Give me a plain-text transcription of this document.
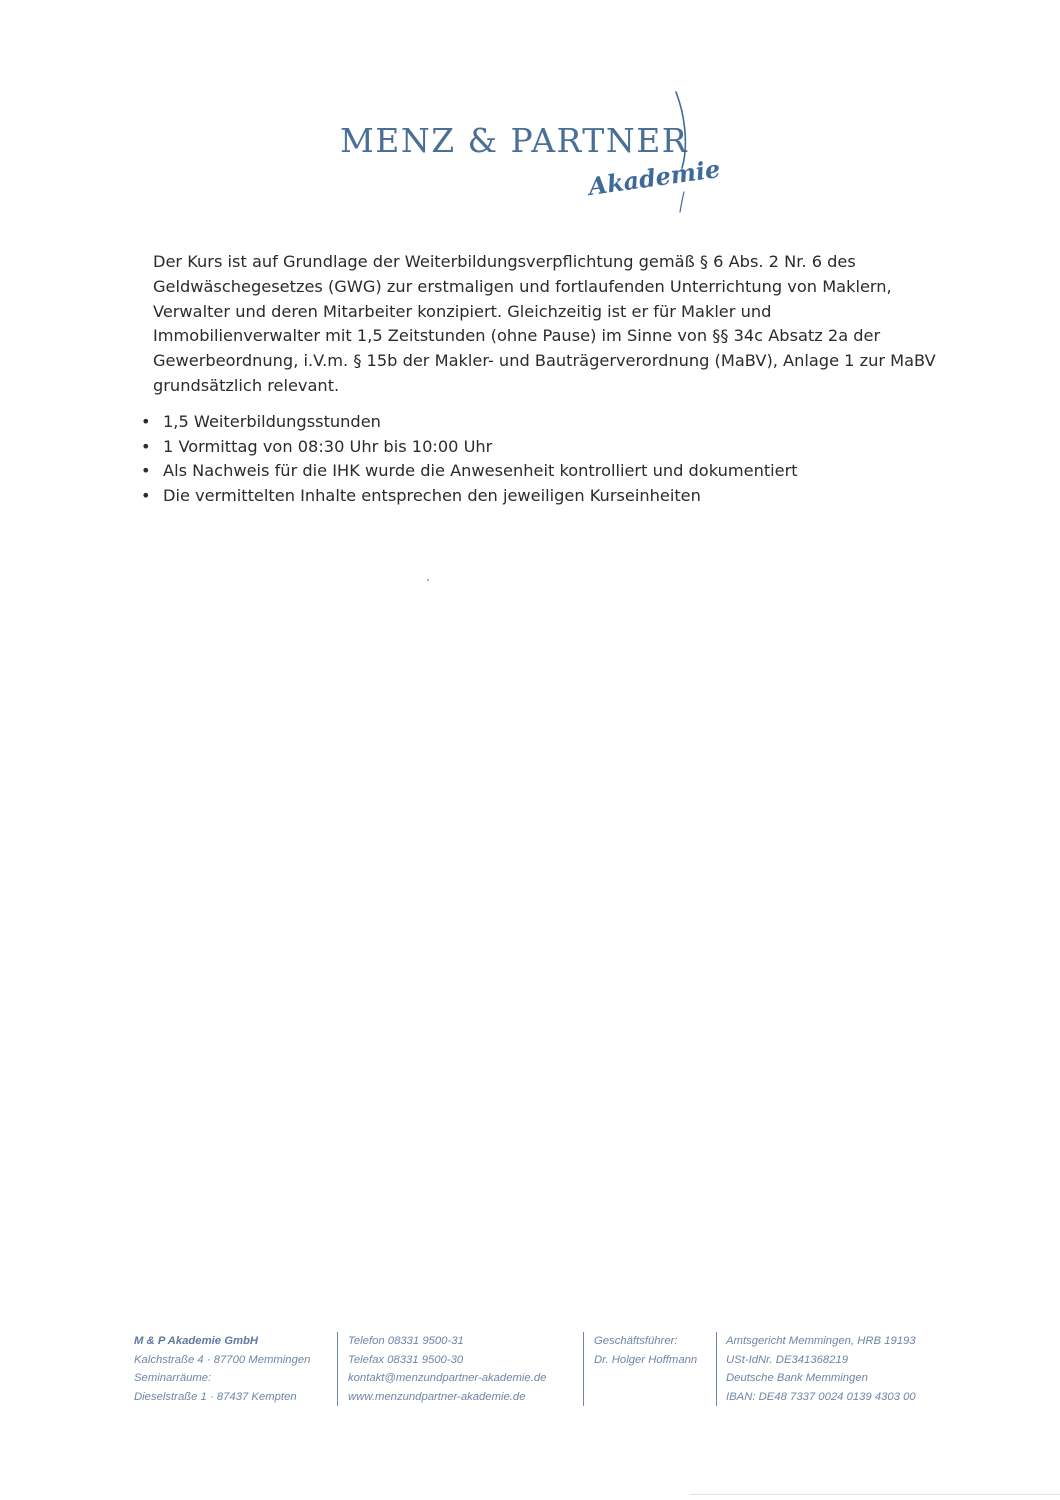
MENZ & PARTNER
Akademie

Der Kurs ist auf Grundlage der Weiterbildungsverpflichtung gemäß § 6 Abs. 2 Nr. 6 des Geldwäschegesetzes (GWG) zur erstmaligen und fortlaufenden Unterrichtung von Maklern, Verwalter und deren Mitarbeiter konzipiert. Gleichzeitig ist er für Makler und Immobilienverwalter mit 1,5 Zeitstunden (ohne Pause) im Sinne von §§ 34c Absatz 2a der Gewerbeordnung, i.V.m. § 15b der Makler- und Bauträgerverordnung (MaBV), Anlage 1 zur MaBV grundsätzlich relevant.

• 1,5 Weiterbildungsstunden
• 1 Vormittag von 08:30 Uhr bis 10:00 Uhr
• Als Nachweis für die IHK wurde die Anwesenheit kontrolliert und dokumentiert
• Die vermittelten Inhalte entsprechen den jeweiligen Kurseinheiten
M & P Akademie GmbH
Kalchstraße 4 · 87700 Memmingen
Seminarräume:
Dieselstraße 1 · 87437 Kempten
Telefon 08331 9500-31
Telefax 08331 9500-30
kontakt@menzundpartner-akademie.de
www.menzundpartner-akademie.de
Geschäftsführer:
Dr. Holger Hoffmann
Amtsgericht Memmingen, HRB 19193
USt-IdNr. DE341368219
Deutsche Bank Memmingen
IBAN: DE48 7337 0024 0139 4303 00
